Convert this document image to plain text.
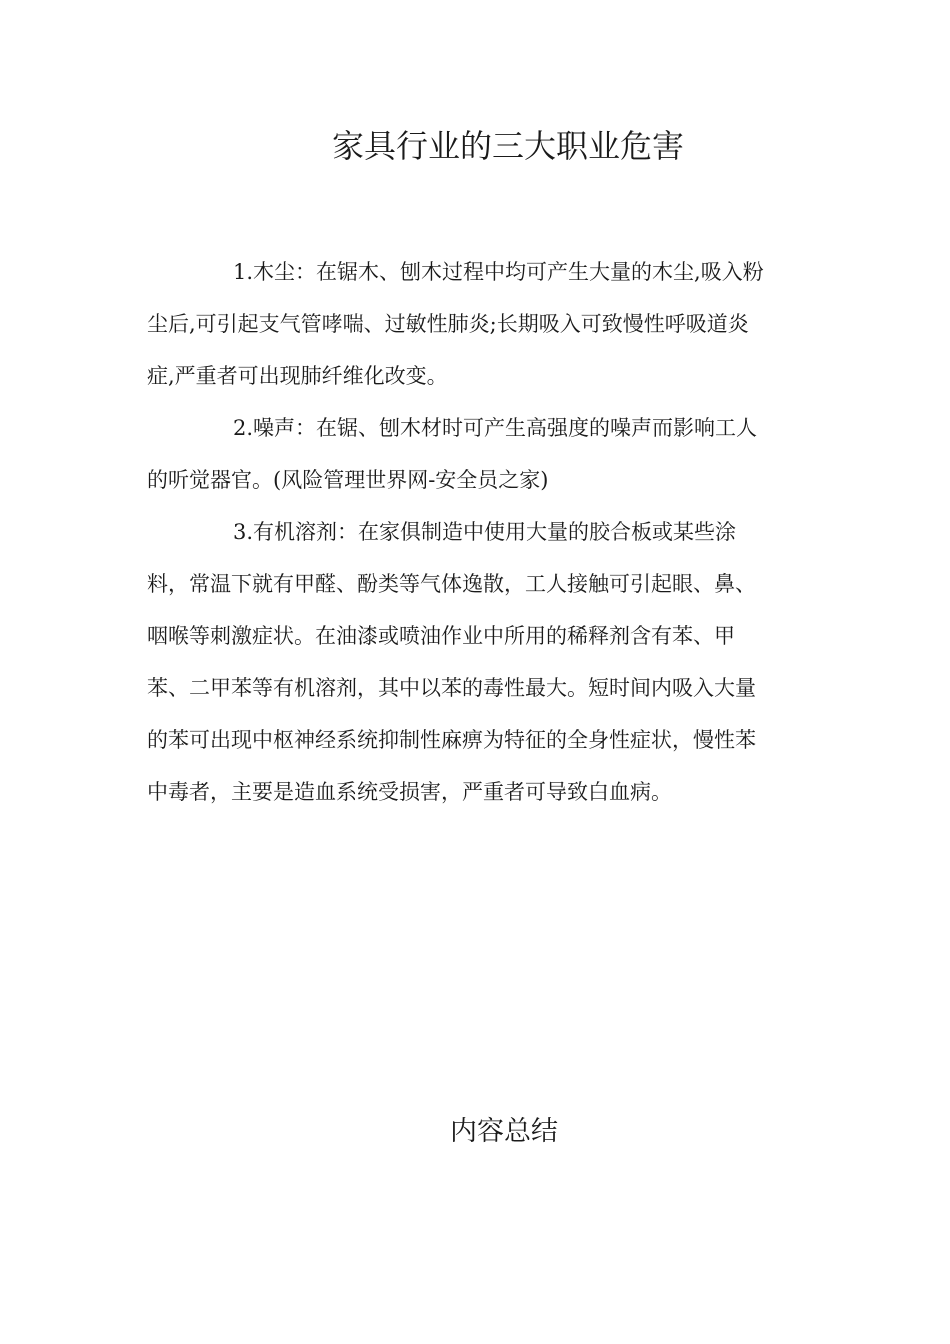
家具行业的三大职业危害

1.木尘：在锯木、刨木过程中均可产生大量的木尘,吸入粉
尘后,可引起支气管哮喘、过敏性肺炎;长期吸入可致慢性呼吸道炎
症,严重者可出现肺纤维化改变。

2.噪声：在锯、刨木材时可产生高强度的噪声而影响工人
的听觉器官。(风险管理世界网-安全员之家)

3.有机溶剂：在家俱制造中使用大量的胶合板或某些涂
料，常温下就有甲醛、酚类等气体逸散，工人接触可引起眼、鼻、
咽喉等刺激症状。在油漆或喷油作业中所用的稀释剂含有苯、甲
苯、二甲苯等有机溶剂，其中以苯的毒性最大。短时间内吸入大量
的苯可出现中枢神经系统抑制性麻痹为特征的全身性症状，慢性苯
中毒者，主要是造血系统受损害，严重者可导致白血病。

内容总结
